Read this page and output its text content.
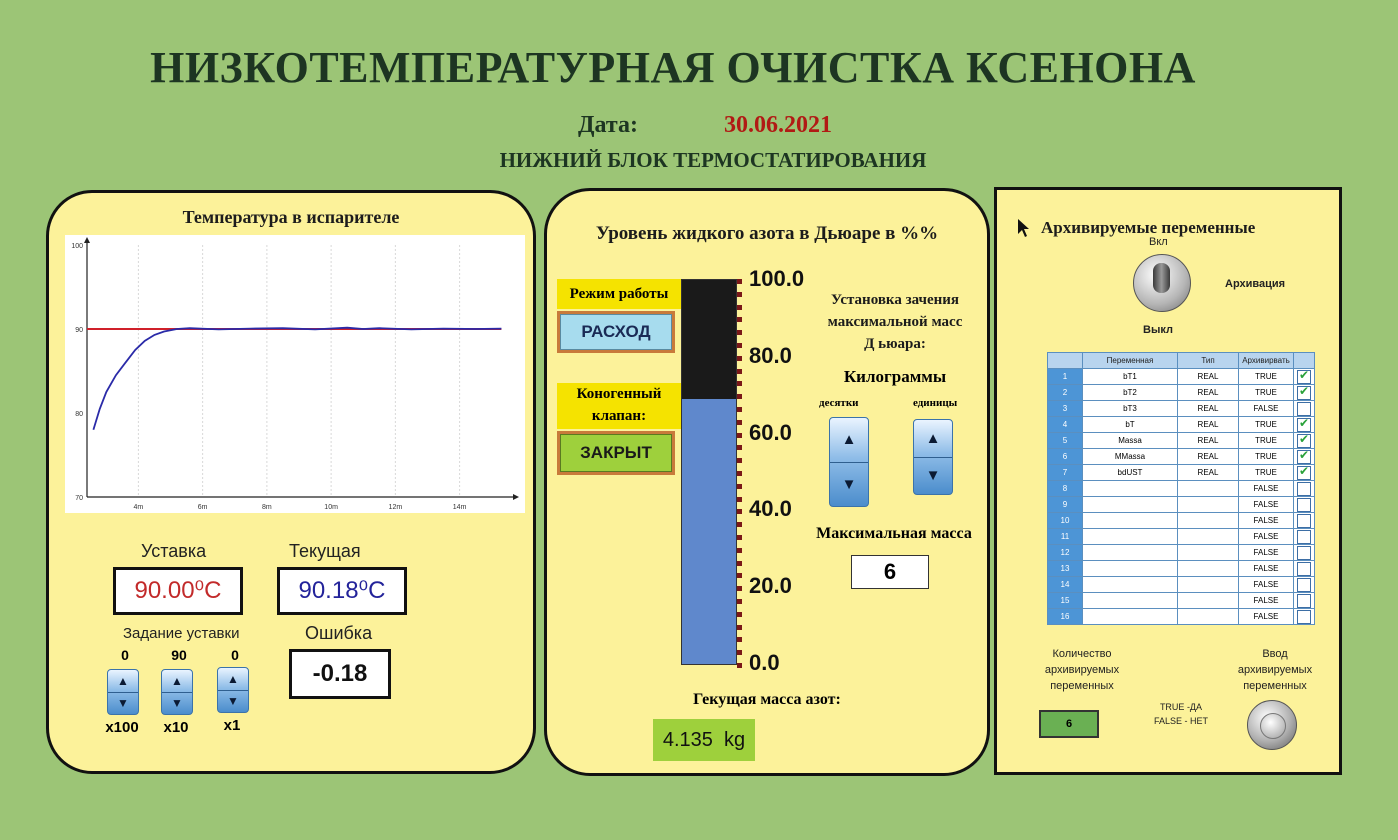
НИЗКОТЕМПЕРАТУРНАЯ ОЧИСТКА КСЕНОНА
Дата:	30.06.2021
НИЖНИЙ БЛОК ТЕРМОСТАТИРОВАНИЯ
Температура в испарителе
4m	6m	8m	10m	12m	14m
70
80
90
100
Уставка
90.00⁰C
Текущая
90.18⁰C
Задание уставки	Ошибка
-0.18
0
▲
▼
x100
90
▲
▼
x10
0
▲
▼
x1
Уровень жидкого азота в Дьюаре в %%
Режим работы
РАСХОД
Коногенный
клапан:
ЗАКРЫТ
100.0
80.0
60.0
40.0
20.0
0.0
Установка зачения
максимальной масс
Д ьюара:
Килограммы
десятки	единицы
▲
▼
▲
▼
Максимальная масса
6
Гекущая масса азот:
4.135  kg
Архивируемые переменные
Вкл
Архивация
Выкл
	Переменная	Тип	Архивирвать	
1	bT1	REAL	TRUE	✔
2	bT2	REAL	TRUE	✔
3	bT3	REAL	FALSE	
4	bT	REAL	TRUE	✔
5	Massa	REAL	TRUE	✔
6	MMassa	REAL	TRUE	✔
7	bdUST	REAL	TRUE	✔
8			FALSE	
9			FALSE	
10			FALSE	
11			FALSE	
12			FALSE	
13			FALSE	
14			FALSE	
15			FALSE	
16			FALSE	
Количество архивируемых переменных
6
TRUE -ДА
FALSE - HET
Ввод архивируемых переменных
